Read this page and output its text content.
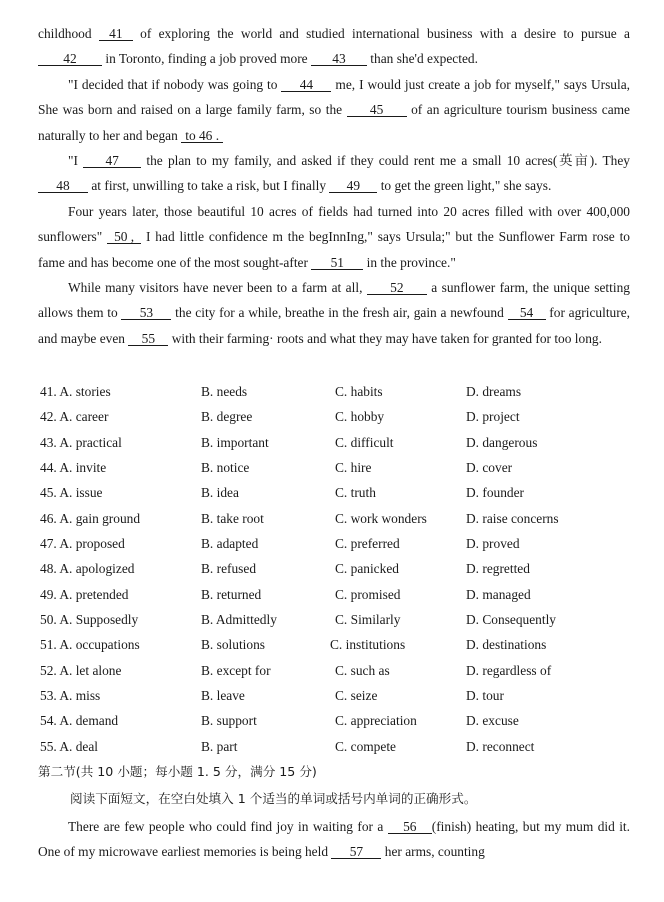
childhood 41 of exploring the world and studied international business with a desire to pursue a 42 in Toronto, finding a job proved more 43 than she'd expected.

"I decided that if nobody was going to 44 me, I would just create a job for myself," says Ursula, She was born and raised on a large family farm, so the 45 of an agriculture tourism business came naturally to her and began to 46 .

"I 47 the plan to my family, and asked if they could rent me a small 10 acres(英亩). They 48 at first, unwilling to take a risk, but I finally 49 to get the green light," she says.

Four years later, those beautiful 10 acres of fields had turned into 20 acres filled with over 400,000 sunflowers" 50 , I had little confidence m the begInnIng," says Ursula;" but the Sunflower Farm rose to fame and has become one of the most sought-after 51 in the province."

While many visitors have never been to a farm at all, 52 a sunflower farm, the unique setting allows them to 53 the city for a while, breathe in the fresh air, gain a newfound 54 for agriculture, and maybe even 55 with their farming· roots and what they may have taken for granted for too long.

41. A. stories	B. needs	C. habits	D. dreams
42. A. career	B. degree	C. hobby	D. project
43. A. practical	B. important	C. difficult	D. dangerous
44. A. invite	B. notice	C. hire	D. cover
45. A. issue	B. idea	C. truth	D. founder
46. A. gain ground	B. take root	C. work wonders	D. raise concerns
47. A. proposed	B. adapted	C. preferred	D. proved
48. A. apologized	B. refused	C. panicked	D. regretted
49. A. pretended	B. returned	C. promised	D. managed
50. A. Supposedly	B. Admittedly	C. Similarly	D. Consequently
51. A. occupations	B. solutions	C. institutions	D. destinations
52. A. let alone	B. except for	C. such as	D. regardless of
53. A. miss	B. leave	C. seize	D. tour
54. A. demand	B. support	C. appreciation	D. excuse
55. A. deal	B. part	C. compete	D. reconnect
第二节(共 10 小题；每小题 1. 5 分，满分 15 分)
阅读下面短文，在空白处填入 1 个适当的单词或括号内单词的正确形式。

There are few people who could find joy in waiting for a 56 (finish) heating, but my mum did it. One of my microwave earliest memories is being held 57 her arms, counting
